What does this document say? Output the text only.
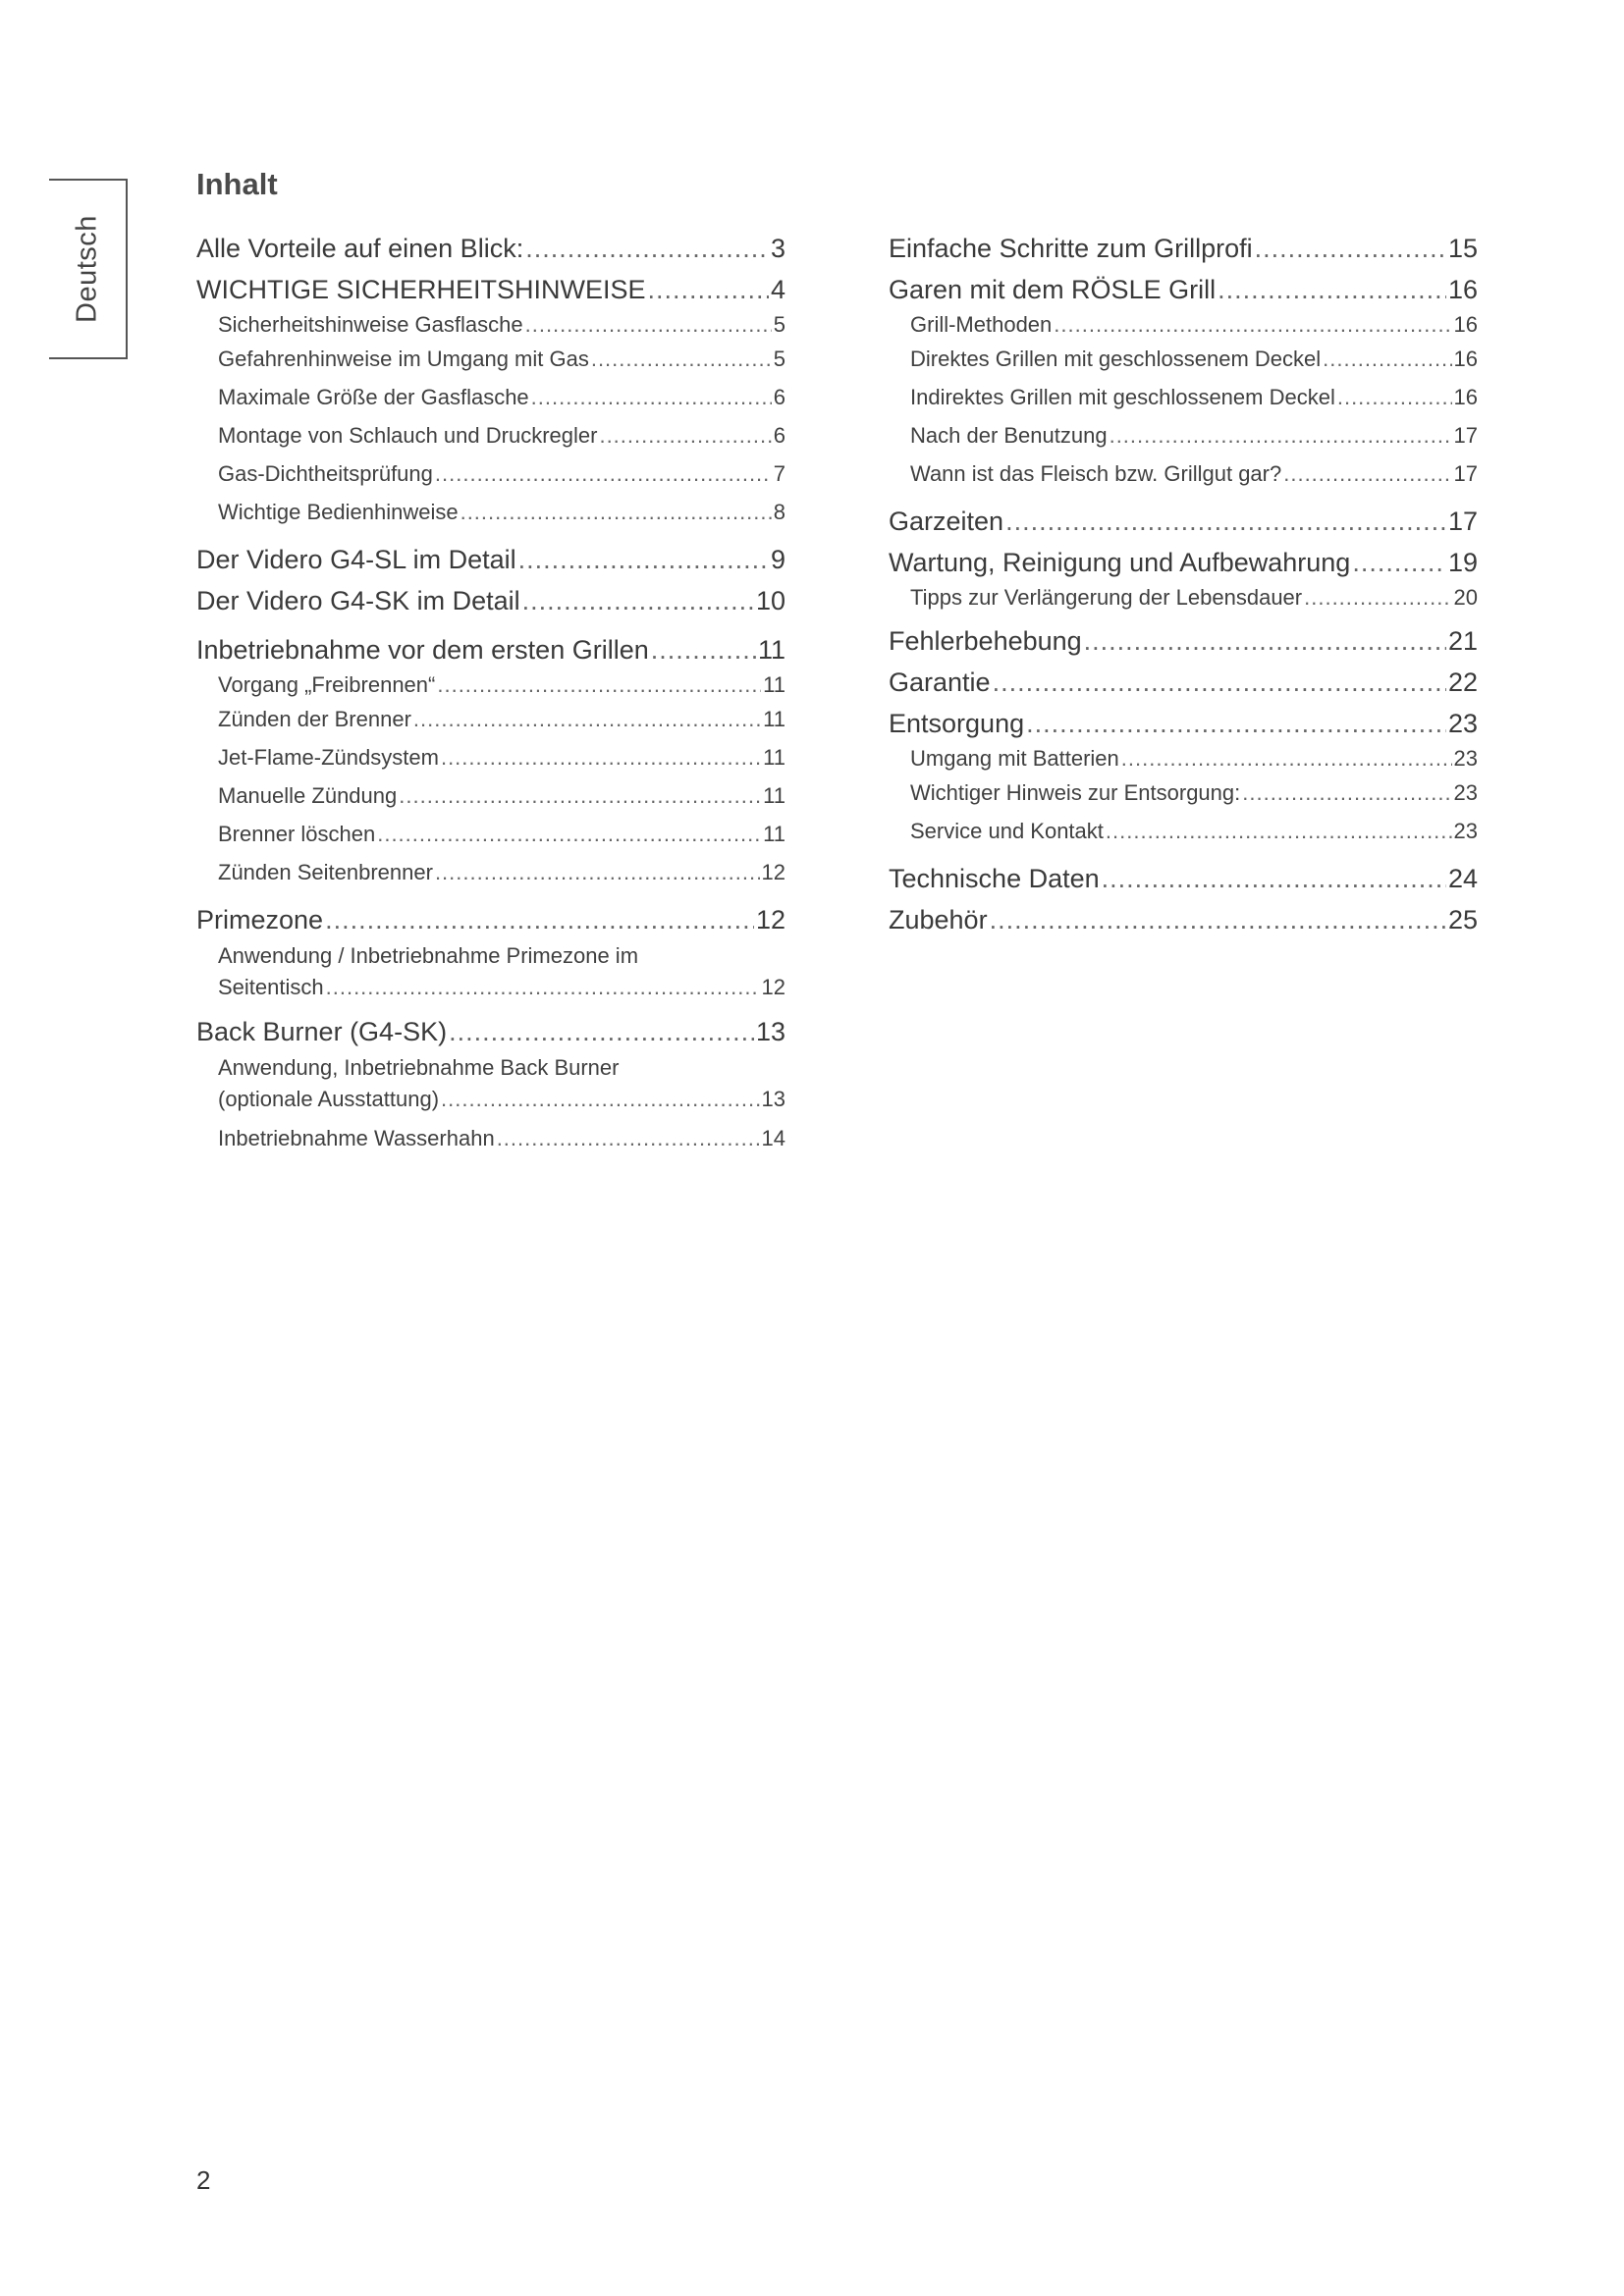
Deutsch
Inhalt
Alle Vorteile auf einen Blick: .....	3
WICHTIGE SICHERHEITSHINWEISE .....	4
Sicherheitshinweise Gasflasche .....	5
Gefahrenhinweise im Umgang mit Gas .....	5
Maximale Größe der Gasflasche .....	6
Montage von Schlauch und Druckregler .....	6
Gas-Dichtheitsprüfung .....	7
Wichtige Bedienhinweise .....	8
Der Videro G4-SL im Detail .....	9
Der Videro G4-SK im Detail .....	10
Inbetriebnahme vor dem ersten Grillen .....	11
Vorgang „Freibrennen“ .....	11
Zünden der Brenner .....	11
Jet-Flame-Zündsystem .....	11
Manuelle Zündung .....	11
Brenner löschen .....	11
Zünden Seitenbrenner .....	12
Primezone .....	12
Anwendung / Inbetriebnahme Primezone im
Seitentisch .....	12
Back Burner (G4-SK) .....	13
Anwendung, Inbetriebnahme Back Burner
(optionale Ausstattung) .....	13
Inbetriebnahme Wasserhahn .....	14
Einfache Schritte zum Grillprofi .....	15
Garen mit dem RÖSLE Grill .....	16
Grill-Methoden .....	16
Direktes Grillen mit geschlossenem Deckel .....	16
Indirektes Grillen mit geschlossenem Deckel .....	16
Nach der Benutzung .....	17
Wann ist das Fleisch bzw. Grillgut gar? .....	17
Garzeiten .....	17
Wartung, Reinigung und Aufbewahrung .....	19
Tipps zur Verlängerung der Lebensdauer .....	20
Fehlerbehebung .....	21
Garantie .....	22
Entsorgung .....	23
Umgang mit Batterien .....	23
Wichtiger Hinweis zur Entsorgung: .....	23
Service und Kontakt .....	23
Technische Daten .....	24
Zubehör .....	25
2
